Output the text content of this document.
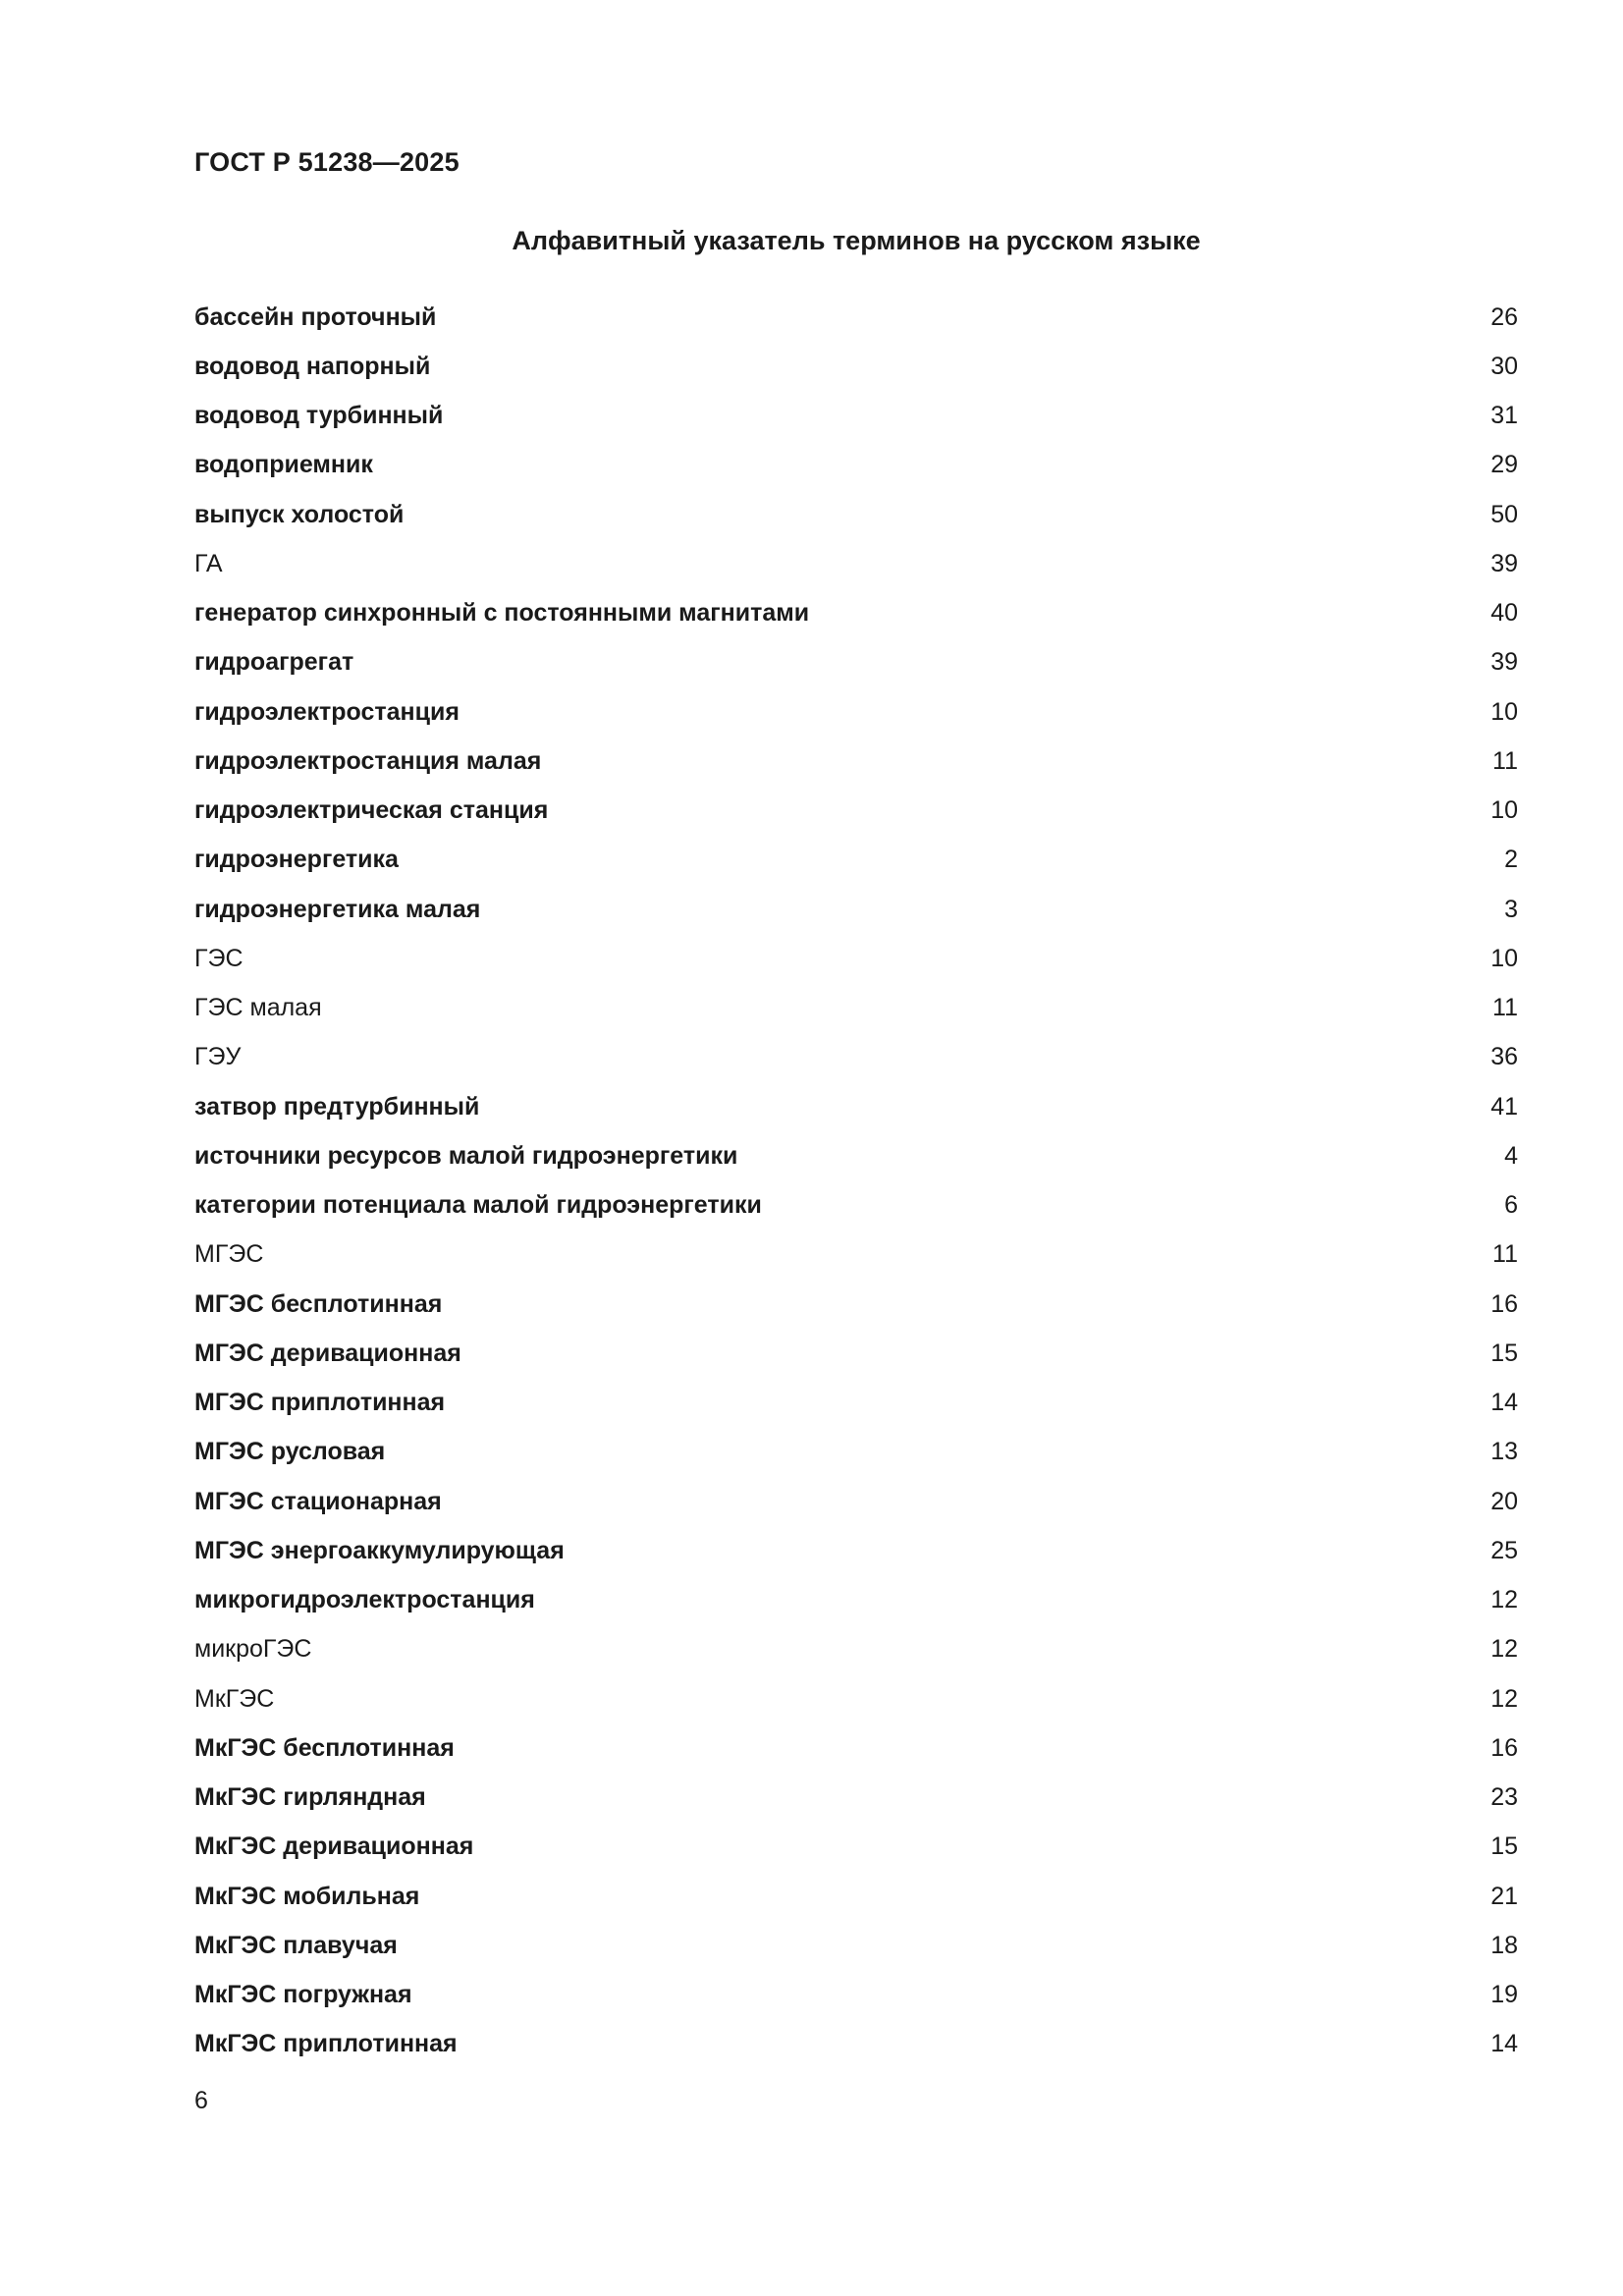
ГОСТ Р 51238—2025
Алфавитный указатель терминов на русском языке
бассейн проточный	26
водовод напорный	30
водовод турбинный	31
водоприемник	29
выпуск холостой	50
ГА	39
генератор синхронный с постоянными магнитами	40
гидроагрегат	39
гидроэлектростанция	10
гидроэлектростанция малая	11
гидроэлектрическая станция	10
гидроэнергетика	2
гидроэнергетика малая	3
ГЭС	10
ГЭС малая	11
ГЭУ	36
затвор предтурбинный	41
источники ресурсов малой гидроэнергетики	4
категории потенциала малой гидроэнергетики	6
МГЭС	11
МГЭС бесплотинная	16
МГЭС деривационная	15
МГЭС приплотинная	14
МГЭС русловая	13
МГЭС стационарная	20
МГЭС энергоаккумулирующая	25
микрогидроэлектростанция	12
микроГЭС	12
МкГЭС	12
МкГЭС бесплотинная	16
МкГЭС гирляндная	23
МкГЭС деривационная	15
МкГЭС мобильная	21
МкГЭС плавучая	18
МкГЭС погружная	19
МкГЭС приплотинная	14
6
